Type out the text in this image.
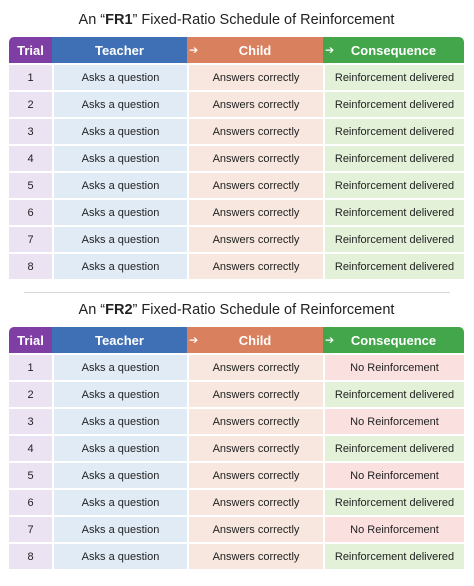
An “FR1” Fixed-Ratio Schedule of Reinforcement
Trial	Teacher	➔ Child	➔ Consequence
1	Asks a question	Answers correctly	Reinforcement delivered
2	Asks a question	Answers correctly	Reinforcement delivered
3	Asks a question	Answers correctly	Reinforcement delivered
4	Asks a question	Answers correctly	Reinforcement delivered
5	Asks a question	Answers correctly	Reinforcement delivered
6	Asks a question	Answers correctly	Reinforcement delivered
7	Asks a question	Answers correctly	Reinforcement delivered
8	Asks a question	Answers correctly	Reinforcement delivered
An “FR2” Fixed-Ratio Schedule of Reinforcement
Trial	Teacher	➔ Child	➔ Consequence
1	Asks a question	Answers correctly	No Reinforcement
2	Asks a question	Answers correctly	Reinforcement delivered
3	Asks a question	Answers correctly	No Reinforcement
4	Asks a question	Answers correctly	Reinforcement delivered
5	Asks a question	Answers correctly	No Reinforcement
6	Asks a question	Answers correctly	Reinforcement delivered
7	Asks a question	Answers correctly	No Reinforcement
8	Asks a question	Answers correctly	Reinforcement delivered
